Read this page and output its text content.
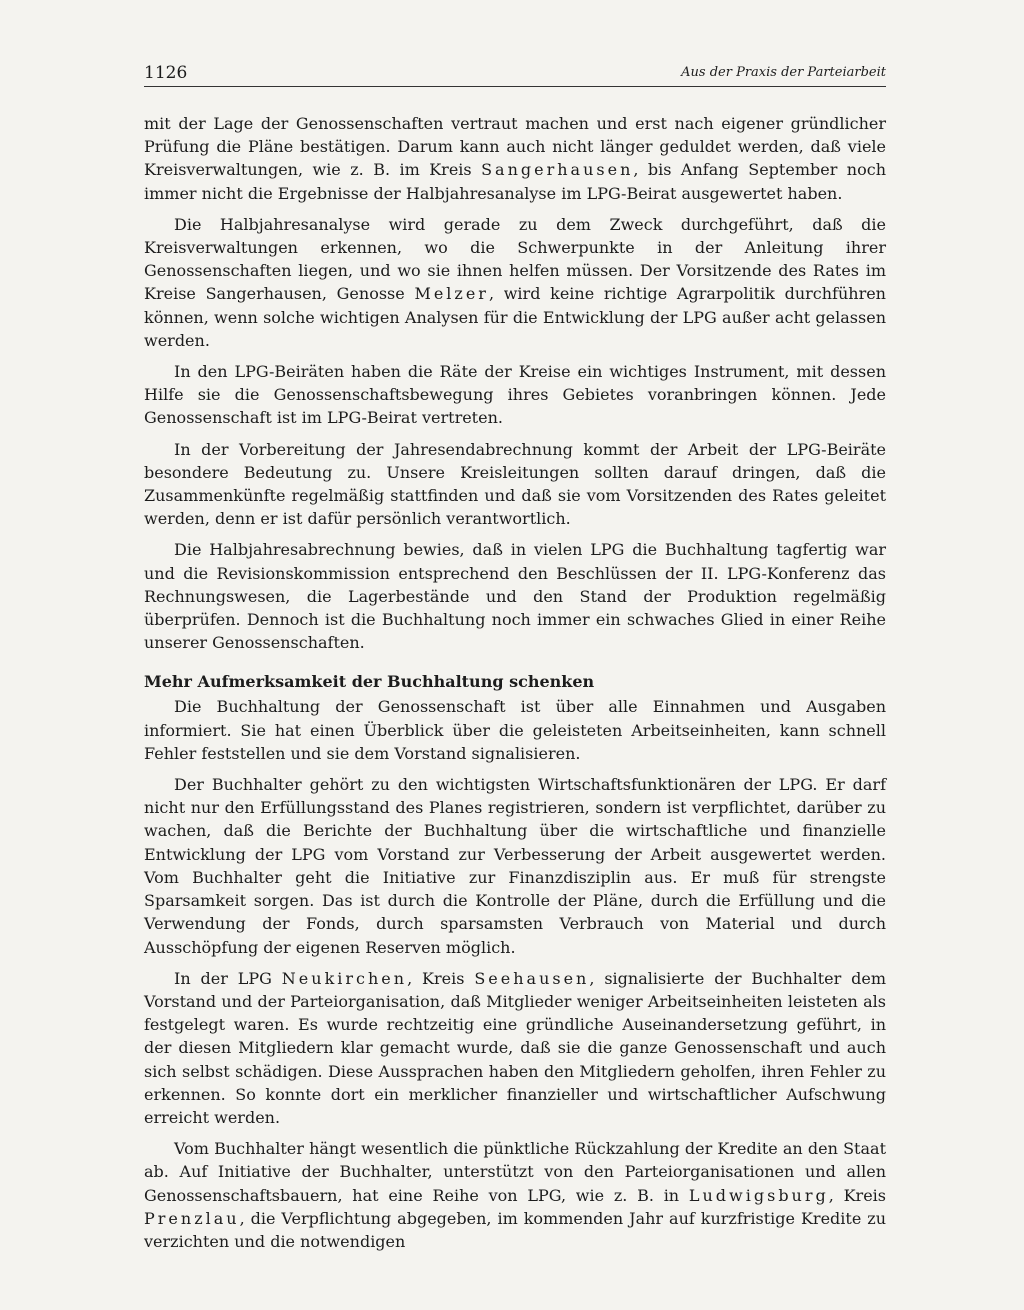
1126	Aus der Praxis der Parteiarbeit

mit der Lage der Genossenschaften vertraut machen und erst nach eigener gründlicher Prüfung die Pläne bestätigen. Darum kann auch nicht länger geduldet werden, daß viele Kreisverwaltungen, wie z. B. im Kreis Sangerhausen, bis Anfang September noch immer nicht die Ergebnisse der Halbjahresanalyse im LPG-Beirat ausgewertet haben.

Die Halbjahresanalyse wird gerade zu dem Zweck durchgeführt, daß die Kreisverwaltungen erkennen, wo die Schwerpunkte in der Anleitung ihrer Genossenschaften liegen, und wo sie ihnen helfen müssen. Der Vorsitzende des Rates im Kreise Sangerhausen, Genosse Melzer, wird keine richtige Agrarpolitik durchführen können, wenn solche wichtigen Analysen für die Entwicklung der LPG außer acht gelassen werden.

In den LPG-Beiräten haben die Räte der Kreise ein wichtiges Instrument, mit dessen Hilfe sie die Genossenschaftsbewegung ihres Gebietes voranbringen können. Jede Genossenschaft ist im LPG-Beirat vertreten.

In der Vorbereitung der Jahresendabrechnung kommt der Arbeit der LPG-Beiräte besondere Bedeutung zu. Unsere Kreisleitungen sollten darauf dringen, daß die Zusammenkünfte regelmäßig stattfinden und daß sie vom Vorsitzenden des Rates geleitet werden, denn er ist dafür persönlich verantwortlich.

Die Halbjahresabrechnung bewies, daß in vielen LPG die Buchhaltung tagfertig war und die Revisionskommission entsprechend den Beschlüssen der II. LPG-Konferenz das Rechnungswesen, die Lagerbestände und den Stand der Produktion regelmäßig überprüfen. Dennoch ist die Buchhaltung noch immer ein schwaches Glied in einer Reihe unserer Genossenschaften.

Mehr Aufmerksamkeit der Buchhaltung schenken

Die Buchhaltung der Genossenschaft ist über alle Einnahmen und Ausgaben informiert. Sie hat einen Überblick über die geleisteten Arbeitseinheiten, kann schnell Fehler feststellen und sie dem Vorstand signalisieren.

Der Buchhalter gehört zu den wichtigsten Wirtschaftsfunktionären der LPG. Er darf nicht nur den Erfüllungsstand des Planes registrieren, sondern ist verpflichtet, darüber zu wachen, daß die Berichte der Buchhaltung über die wirtschaftliche und finanzielle Entwicklung der LPG vom Vorstand zur Verbesserung der Arbeit ausgewertet werden. Vom Buchhalter geht die Initiative zur Finanzdisziplin aus. Er muß für strengste Sparsamkeit sorgen. Das ist durch die Kontrolle der Pläne, durch die Erfüllung und die Verwendung der Fonds, durch sparsamsten Verbrauch von Material und durch Ausschöpfung der eigenen Reserven möglich.

In der LPG Neukirchen, Kreis Seehausen, signalisierte der Buchhalter dem Vorstand und der Parteiorganisation, daß Mitglieder weniger Arbeitseinheiten leisteten als festgelegt waren. Es wurde rechtzeitig eine gründliche Auseinandersetzung geführt, in der diesen Mitgliedern klar gemacht wurde, daß sie die ganze Genossenschaft und auch sich selbst schädigen. Diese Aussprachen haben den Mitgliedern geholfen, ihren Fehler zu erkennen. So konnte dort ein merklicher finanzieller und wirtschaftlicher Aufschwung erreicht werden.

Vom Buchhalter hängt wesentlich die pünktliche Rückzahlung der Kredite an den Staat ab. Auf Initiative der Buchhalter, unterstützt von den Parteiorganisationen und allen Genossenschaftsbauern, hat eine Reihe von LPG, wie z. B. in Ludwigsburg, Kreis Prenzlau, die Verpflichtung abgegeben, im kommenden Jahr auf kurzfristige Kredite zu verzichten und die notwendigen
